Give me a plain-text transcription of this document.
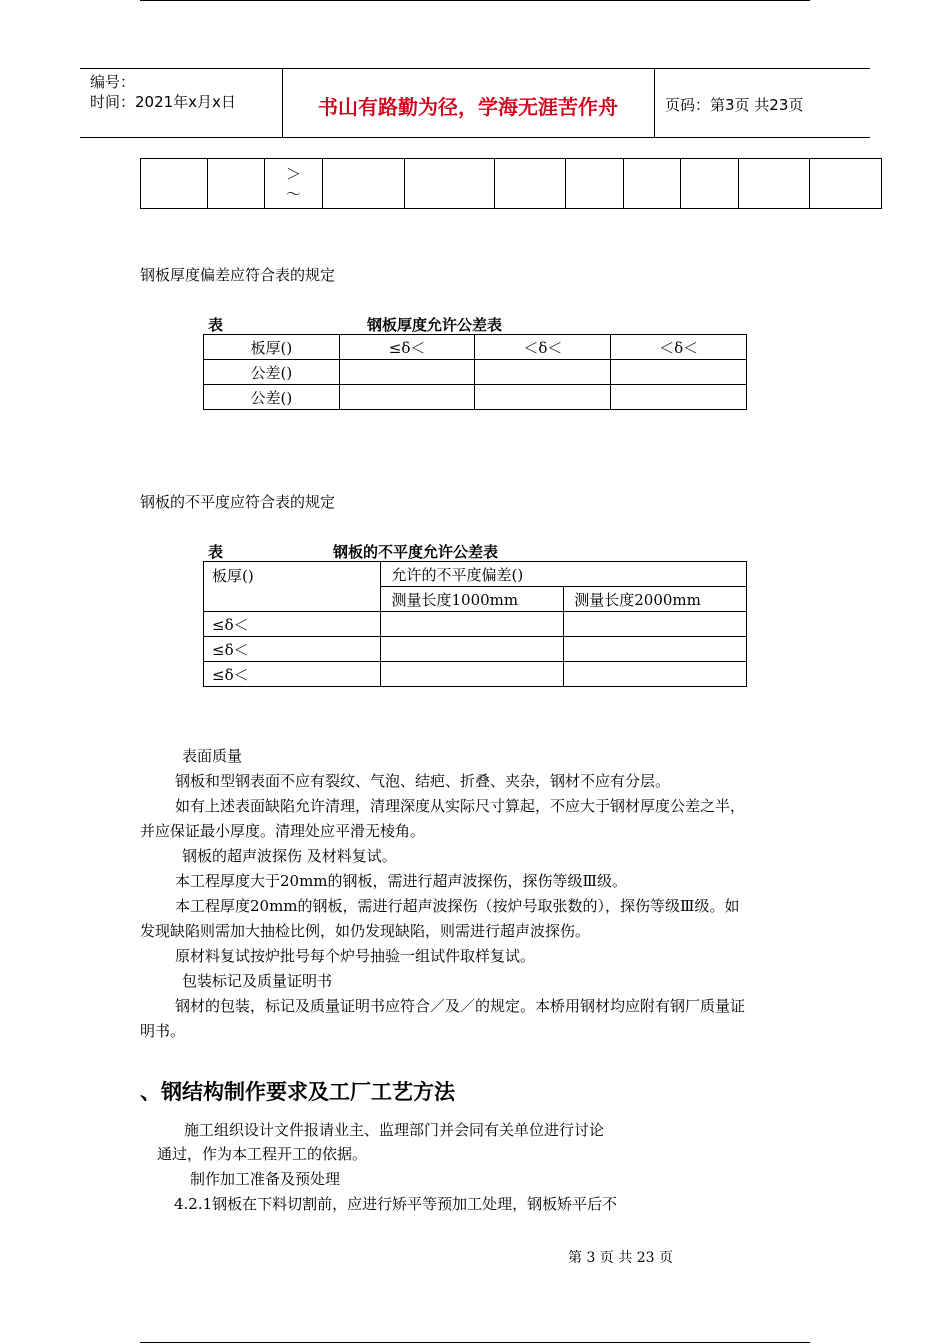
编号：
时间：2021年x月x日	书山有路勤为径，学海无涯苦作舟	页码：第3页 共23页

＞
～

钢板厚度偏差应符合表的规定
表	钢板厚度允许公差表
板厚()	≤δ＜	＜δ＜	＜δ＜
公差()			
公差()			
钢板的不平度应符合表的规定
表	钢板的不平度允许公差表
板厚()	允许的不平度偏差()	
	测量长度1000mm	测量长度2000mm
≤δ＜		
≤δ＜		
≤δ＜		
表面质量
钢板和型钢表面不应有裂纹、气泡、结疤、折叠、夹杂，钢材不应有分层。
如有上述表面缺陷允许清理，清理深度从实际尺寸算起，不应大于钢材厚度公差之半，
并应保证最小厚度。清理处应平滑无棱角。
钢板的超声波探伤 及材料复试。
本工程厚度大于20mm的钢板，需进行超声波探伤，探伤等级Ⅲ级。
本工程厚度20mm的钢板，需进行超声波探伤（按炉号取张数的），探伤等级Ⅲ级。如
发现缺陷则需加大抽检比例，如仍发现缺陷，则需进行超声波探伤。
原材料复试按炉批号每个炉号抽验一组试件取样复试。
包装标记及质量证明书
钢材的包装，标记及质量证明书应符合／及／的规定。本桥用钢材均应附有钢厂质量证
明书。
、钢结构制作要求及工厂工艺方法
施工组织设计文件报请业主、监理部门并会同有关单位进行讨论
通过，作为本工程开工的依据。
制作加工准备及预处理
4.2.1钢板在下料切割前，应进行矫平等预加工处理，钢板矫平后不
第 3 页 共 23 页
